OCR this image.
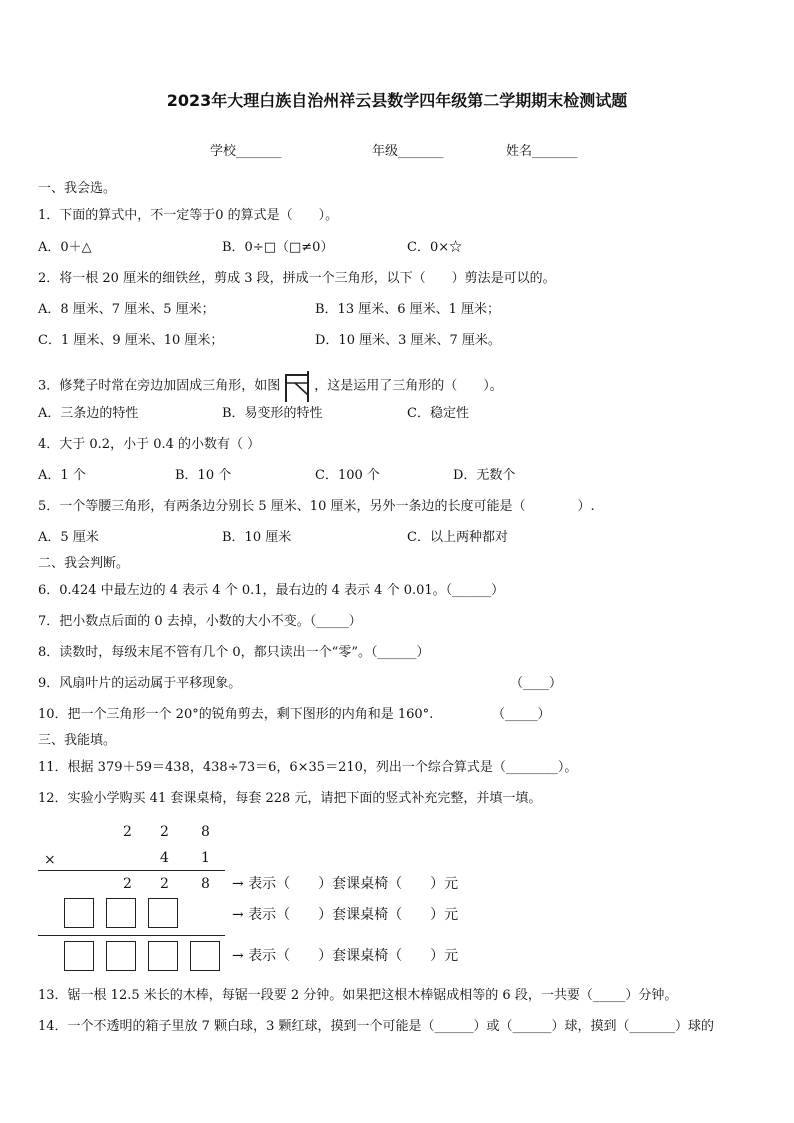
2023年大理白族自治州祥云县数学四年级第二学期期末检测试题
学校_______	年级_______	姓名_______
一、我会选。
1．下面的算式中，不一定等于0 的算式是（　　）。
A．0＋△	B．0÷□（□≠0）	C．0×☆
2．将一根 20 厘米的细铁丝，剪成 3 段，拼成一个三角形，以下（　　）剪法是可以的。
A．8 厘米、7 厘米、5 厘米；	B．13 厘米、6 厘米、1 厘米；
C．1 厘米、9 厘米、10 厘米；	D．10 厘米、3 厘米、7 厘米。
3．修凳子时常在旁边加固成三角形，如图	，这是运用了三角形的（　　）。
A．三条边的特性	B．易变形的特性	C．稳定性
4．大于 0.2，小于 0.4 的小数有（ ）
A．1 个	B．10 个	C．100 个	D．无数个
5．一个等腰三角形，有两条边分别长 5 厘米、10 厘米，另外一条边的长度可能是（　　　　）.
A．5 厘米	B．10 厘米	C．以上两种都对
二、我会判断。
6．0.424 中最左边的 4 表示 4 个 0.1，最右边的 4 表示 4 个 0.01。（______）
7．把小数点后面的 0 去掉，小数的大小不变。（_____）
8．读数时，每级末尾不管有几个 0，都只读出一个“零”。（______）
9．风扇叶片的运动属于平移现象。	（____）
10．把一个三角形一个 20°的锐角剪去，剩下图形的内角和是 160°.	（_____）
三、我能填。
11．根据 379＋59＝438，438÷73＝6，6×35＝210，列出一个综合算式是（________）。
12．实验小学购买 41 套课桌椅，每套 228 元，请把下面的竖式补充完整，并填一填。
2 2 8
×	4 1
2 2 8 → 表示（　　）套课桌椅（　　）元
→ 表示（　　）套课桌椅（　　）元
→ 表示（　　）套课桌椅（　　）元
13．锯一根 12.5 米长的木棒，每锯一段要 2 分钟。如果把这根木棒锯成相等的 6 段，一共要（_____）分钟。
14．一个不透明的箱子里放 7 颗白球，3 颗红球，摸到一个可能是（______）或（______）球，摸到（_______）球的
